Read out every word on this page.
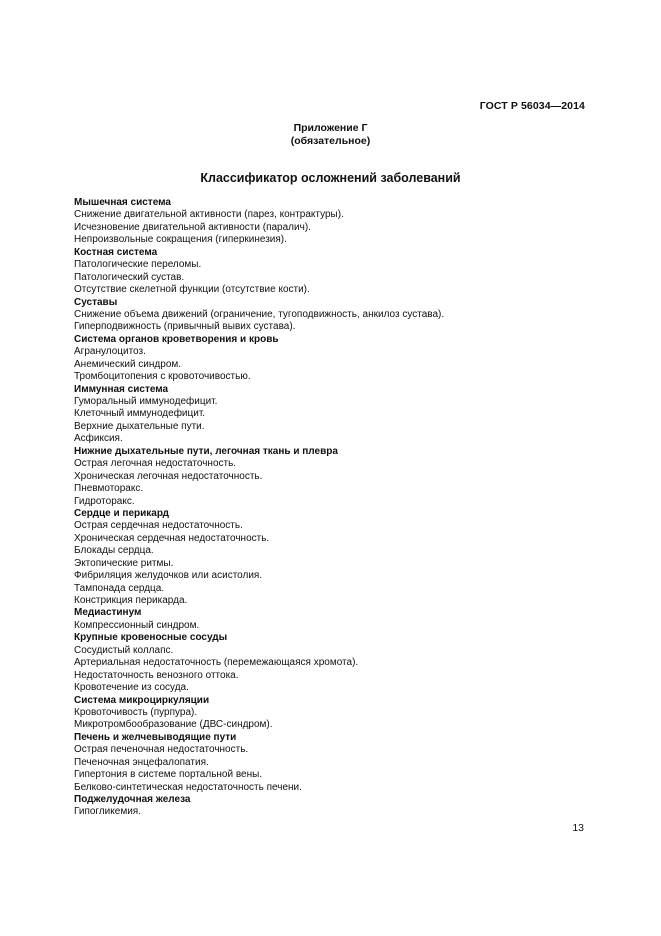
ГОСТ Р 56034—2014
Приложение Г
(обязательное)
Классификатор осложнений заболеваний
Мышечная система
Снижение двигательной активности (парез, контрактуры).
Исчезновение двигательной активности (паралич).
Непроизвольные сокращения (гиперкинезия).
Костная система
Патологические переломы.
Патологический сустав.
Отсутствие скелетной функции (отсутствие кости).
Суставы
Снижение объема движений (ограничение, тугоподвижность, анкилоз сустава).
Гиперподвижность (привычный вывих сустава).
Система органов кроветворения и кровь
Агранулоцитоз.
Анемический синдром.
Тромбоцитопения с кровоточивостью.
Иммунная система
Гуморальный иммунодефицит.
Клеточный иммунодефицит.
Верхние дыхательные пути.
Асфиксия.
Нижние дыхательные пути, легочная ткань и плевра
Острая легочная недостаточность.
Хроническая легочная недостаточность.
Пневмоторакс.
Гидроторакс.
Сердце и перикард
Острая сердечная недостаточность.
Хроническая сердечная недостаточность.
Блокады сердца.
Эктопические ритмы.
Фибриляция желудочков или асистолия.
Тампонада сердца.
Констрикция перикарда.
Медиастинум
Компрессионный синдром.
Крупные кровеносные сосуды
Сосудистый коллапс.
Артериальная недостаточность (перемежающаяся хромота).
Недостаточность венозного оттока.
Кровотечение из сосуда.
Система микроциркуляции
Кровоточивость (пурпура).
Микротромбообразование (ДВС-синдром).
Печень и желчевыводящие пути
Острая печеночная недостаточность.
Печеночная энцефалопатия.
Гипертония в системе портальной вены.
Белково-синтетическая недостаточность печени.
Поджелудочная железа
Гипогликемия.
13
